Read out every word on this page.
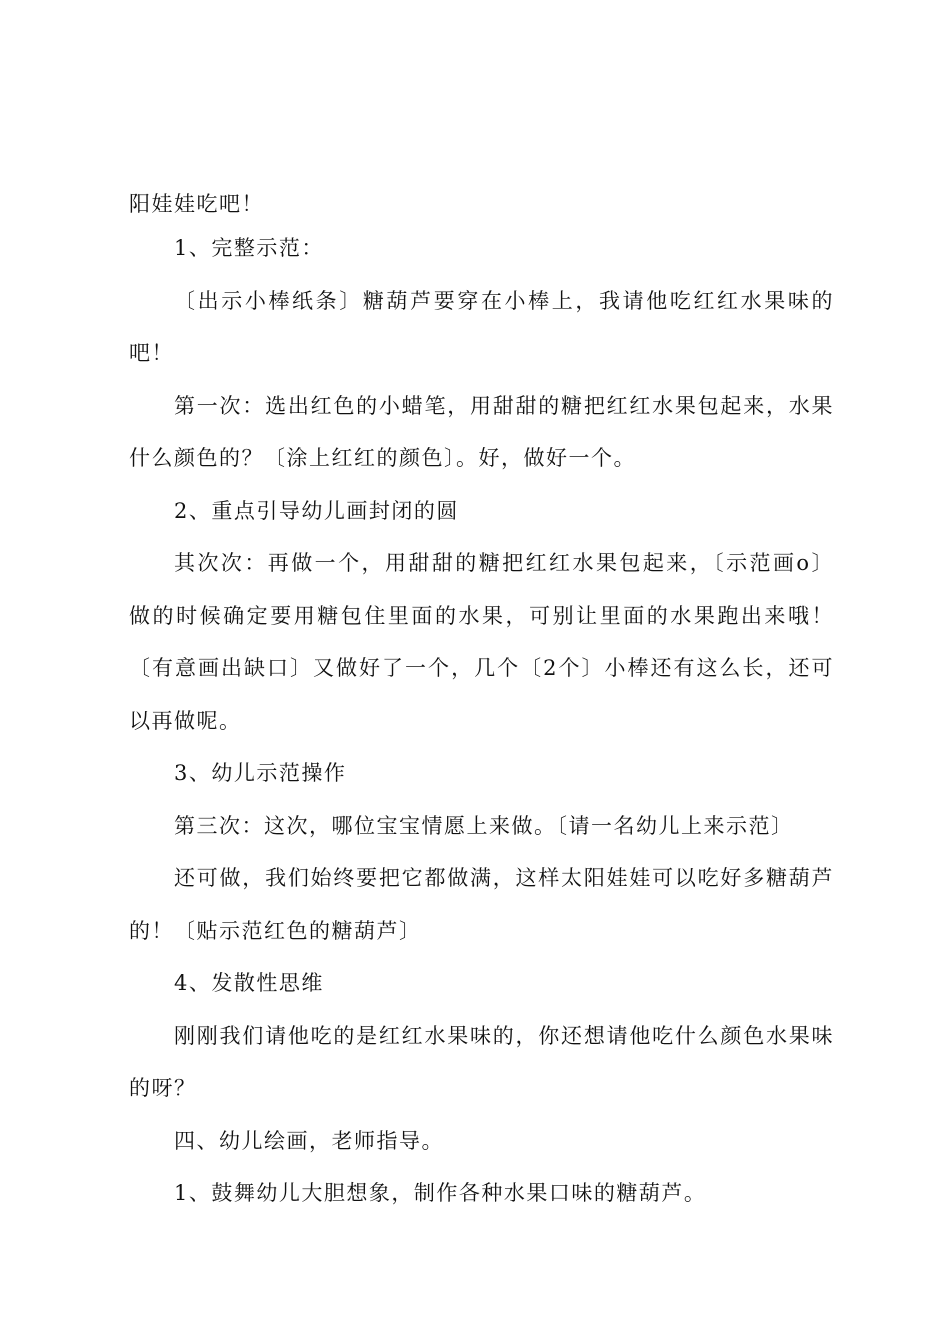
阳娃娃吃吧！
1、完整示范：
〔出示小棒纸条〕糖葫芦要穿在小棒上，我请他吃红红水果味的
吧！
第一次：选出红色的小蜡笔，用甜甜的糖把红红水果包起来，水果
什么颜色的？〔涂上红红的颜色〕。好，做好一个。
2、重点引导幼儿画封闭的圆
其次次：再做一个，用甜甜的糖把红红水果包起来，〔示范画o〕
做的时候确定要用糖包住里面的水果，可别让里面的水果跑出来哦！
〔有意画出缺口〕又做好了一个，几个〔2个〕小棒还有这么长，还可
以再做呢。
3、幼儿示范操作
第三次：这次，哪位宝宝情愿上来做。〔请一名幼儿上来示范〕
还可做，我们始终要把它都做满，这样太阳娃娃可以吃好多糖葫芦
的！〔贴示范红色的糖葫芦〕
4、发散性思维
刚刚我们请他吃的是红红水果味的，你还想请他吃什么颜色水果味
的呀？
四、幼儿绘画，老师指导。
1、鼓舞幼儿大胆想象，制作各种水果口味的糖葫芦。
